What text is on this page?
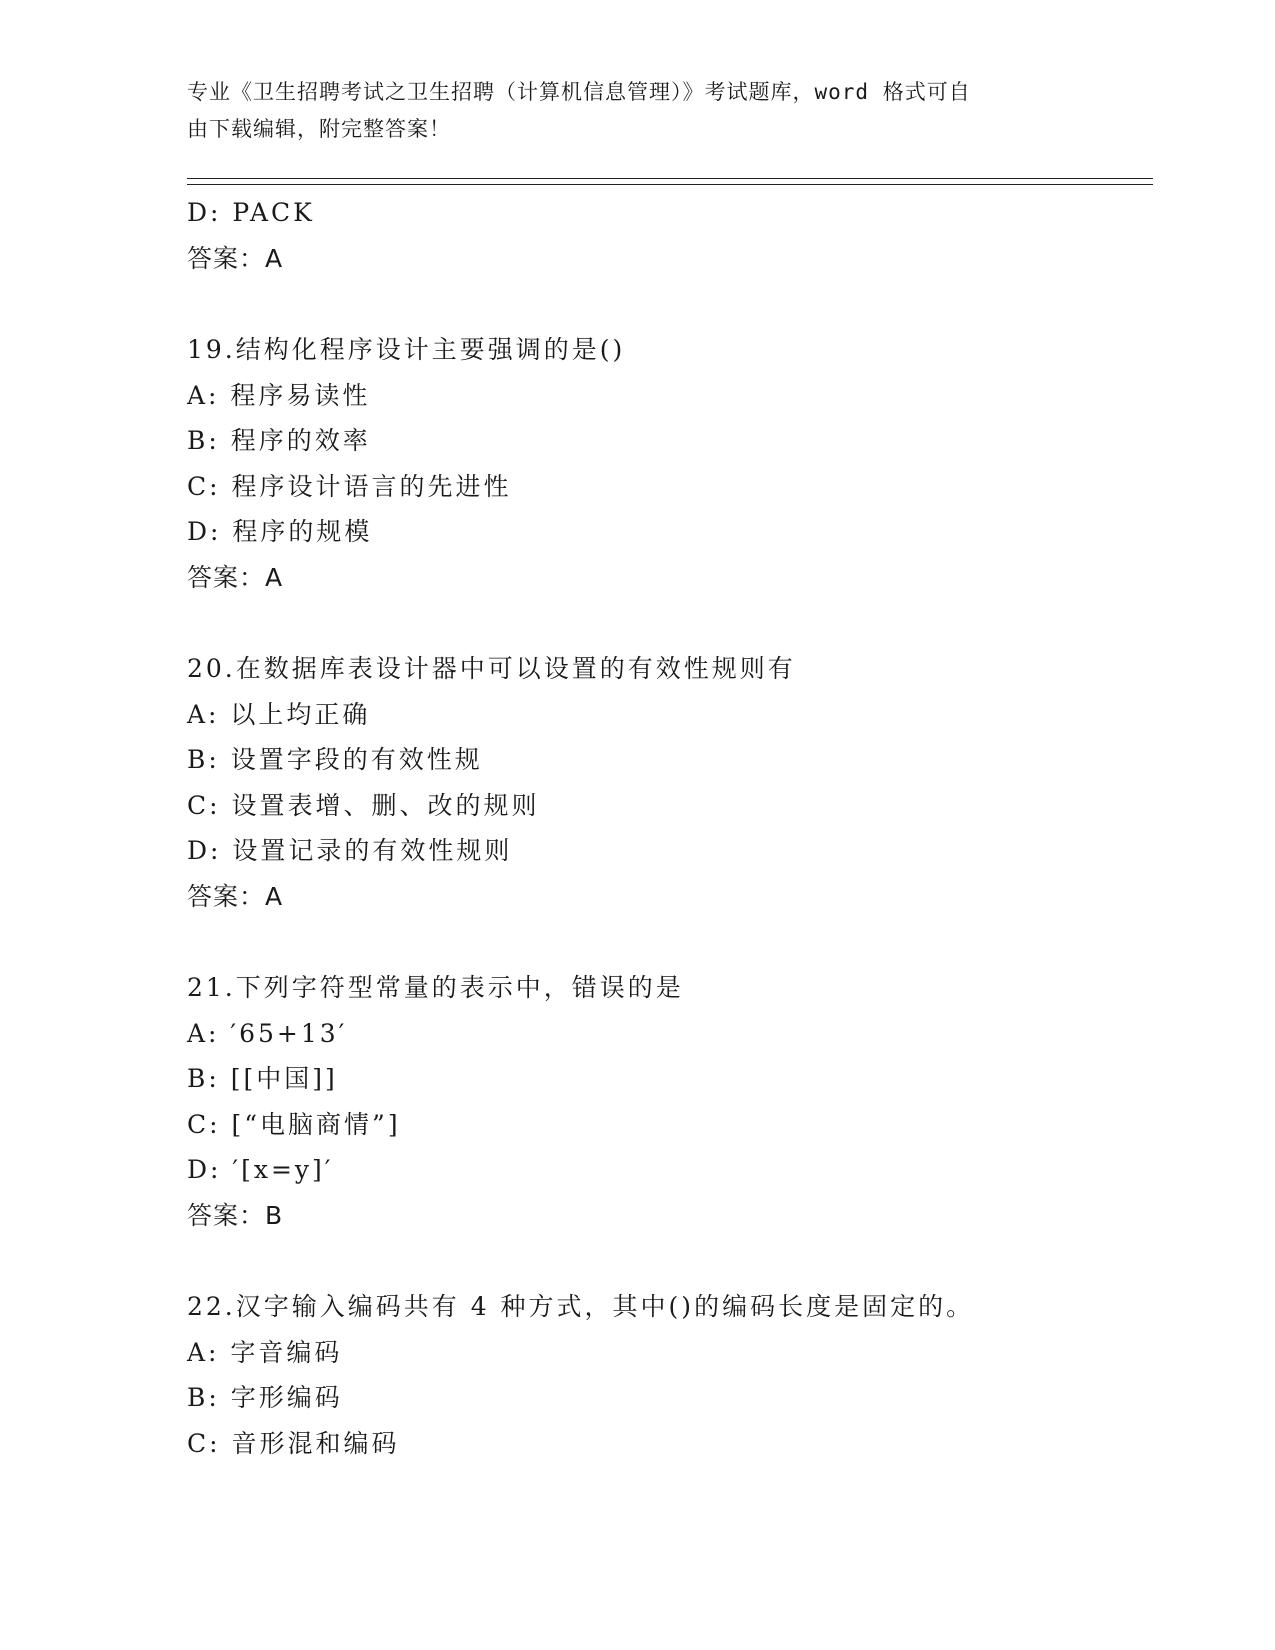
专业《卫生招聘考试之卫生招聘（计算机信息管理）》考试题库，word 格式可自
由下载编辑，附完整答案！
D: PACK
答案：A
19.结构化程序设计主要强调的是()
A: 程序易读性
B: 程序的效率
C: 程序设计语言的先进性
D: 程序的规模
答案：A
20.在数据库表设计器中可以设置的有效性规则有
A: 以上均正确
B: 设置字段的有效性规
C: 设置表增、删、改的规则
D: 设置记录的有效性规则
答案：A
21.下列字符型常量的表示中，错误的是
A: ′65+13′
B: [[中国]]
C: [“电脑商情”]
D: ′[x=y]′
答案：B
22.汉字输入编码共有 4 种方式，其中()的编码长度是固定的。
A: 字音编码
B: 字形编码
C: 音形混和编码
